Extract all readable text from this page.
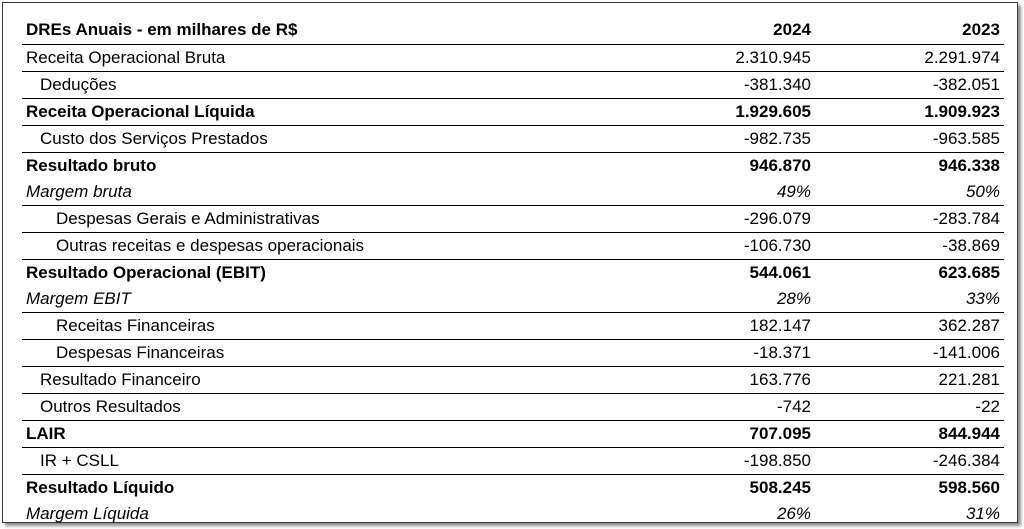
DREs Anuais - em milhares de R$	2024	2023
Receita Operacional Bruta	2.310.945	2.291.974
Deduções	-381.340	-382.051
Receita Operacional Líquida	1.929.605	1.909.923
Custo dos Serviços Prestados	-982.735	-963.585
Resultado bruto	946.870	946.338
Margem bruta	49%	50%
Despesas Gerais e Administrativas	-296.079	-283.784
Outras receitas e despesas operacionais	-106.730	-38.869
Resultado Operacional (EBIT)	544.061	623.685
Margem EBIT	28%	33%
Receitas Financeiras	182.147	362.287
Despesas Financeiras	-18.371	-141.006
Resultado Financeiro	163.776	221.281
Outros Resultados	-742	-22
LAIR	707.095	844.944
IR + CSLL	-198.850	-246.384
Resultado Líquido	508.245	598.560
Margem Líquida	26%	31%
